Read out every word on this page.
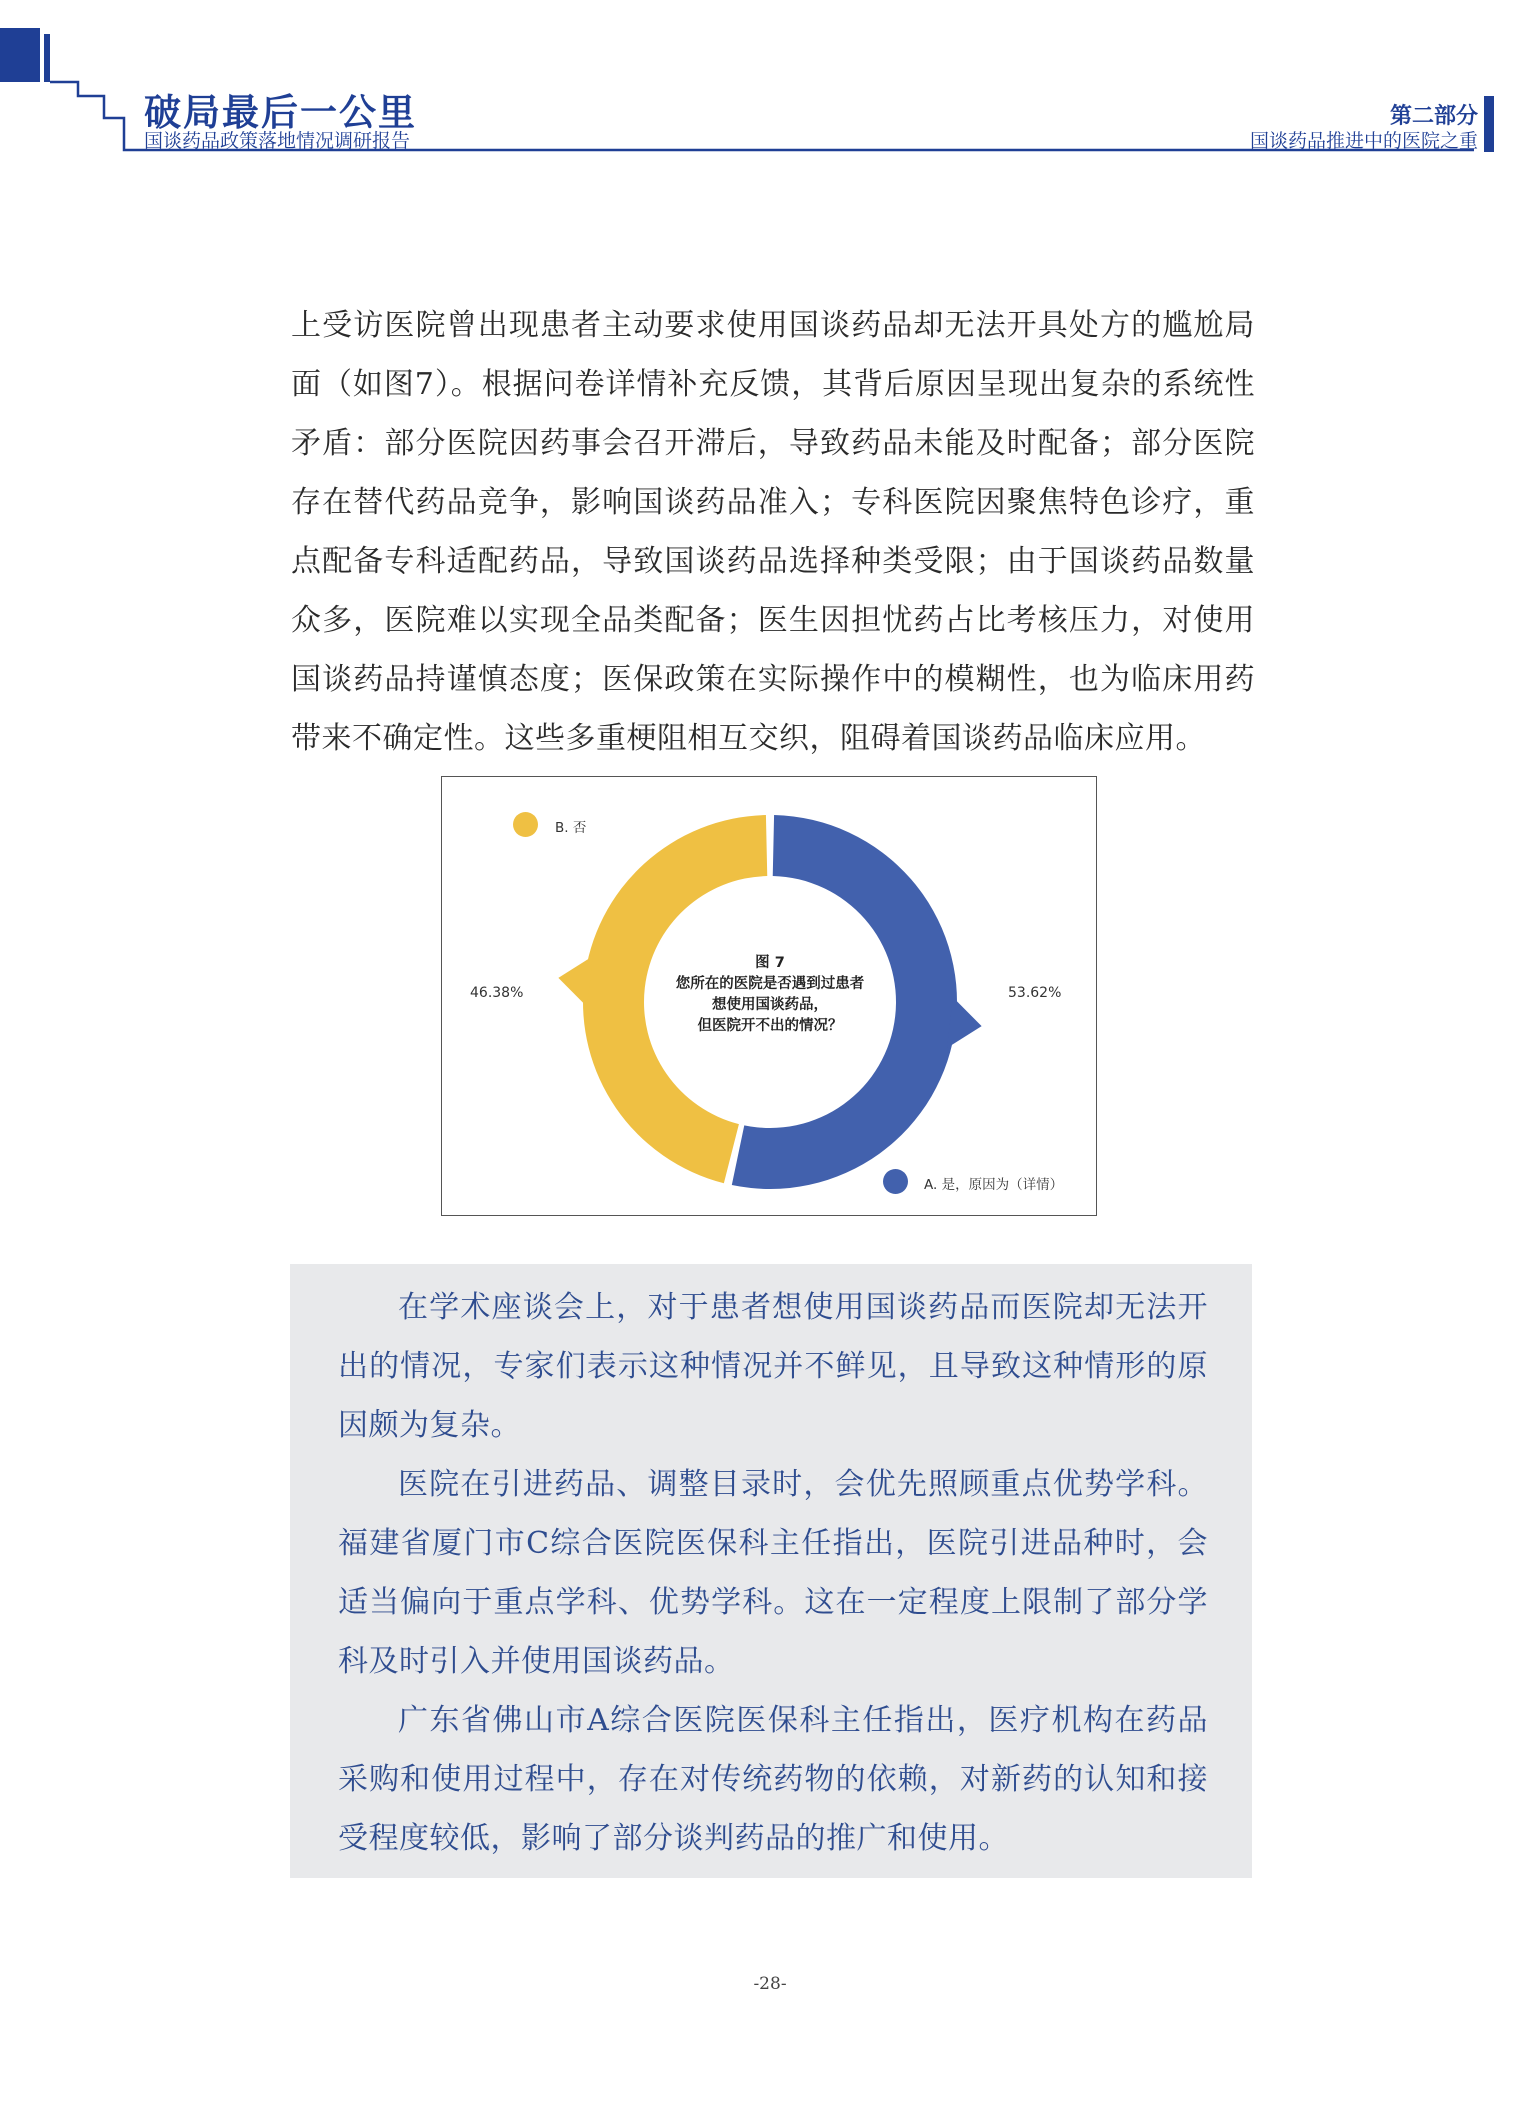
破局最后一公里
国谈药品政策落地情况调研报告
第二部分
国谈药品推进中的医院之重

上受访医院曾出现患者主动要求使用国谈药品却无法开具处方的尴尬局面（如图7）。根据问卷详情补充反馈，其背后原因呈现出复杂的系统性矛盾：部分医院因药事会召开滞后，导致药品未能及时配备；部分医院存在替代药品竞争，影响国谈药品准入；专科医院因聚焦特色诊疗，重点配备专科适配药品，导致国谈药品选择种类受限；由于国谈药品数量众多，医院难以实现全品类配备；医生因担忧药占比考核压力，对使用国谈药品持谨慎态度；医保政策在实际操作中的模糊性，也为临床用药带来不确定性。这些多重梗阻相互交织，阻碍着国谈药品临床应用。

图 7
您所在的医院是否遇到过患者
想使用国谈药品，
但医院开不出的情况？
B. 否
A. 是，原因为（详情）
46.38%	53.62%

在学术座谈会上，对于患者想使用国谈药品而医院却无法开出的情况，专家们表示这种情况并不鲜见，且导致这种情形的原因颇为复杂。

医院在引进药品、调整目录时，会优先照顾重点优势学科。福建省厦门市C综合医院医保科主任指出，医院引进品种时，会适当偏向于重点学科、优势学科。这在一定程度上限制了部分学科及时引入并使用国谈药品。

广东省佛山市A综合医院医保科主任指出，医疗机构在药品采购和使用过程中，存在对传统药物的依赖，对新药的认知和接受程度较低，影响了部分谈判药品的推广和使用。

-28-
